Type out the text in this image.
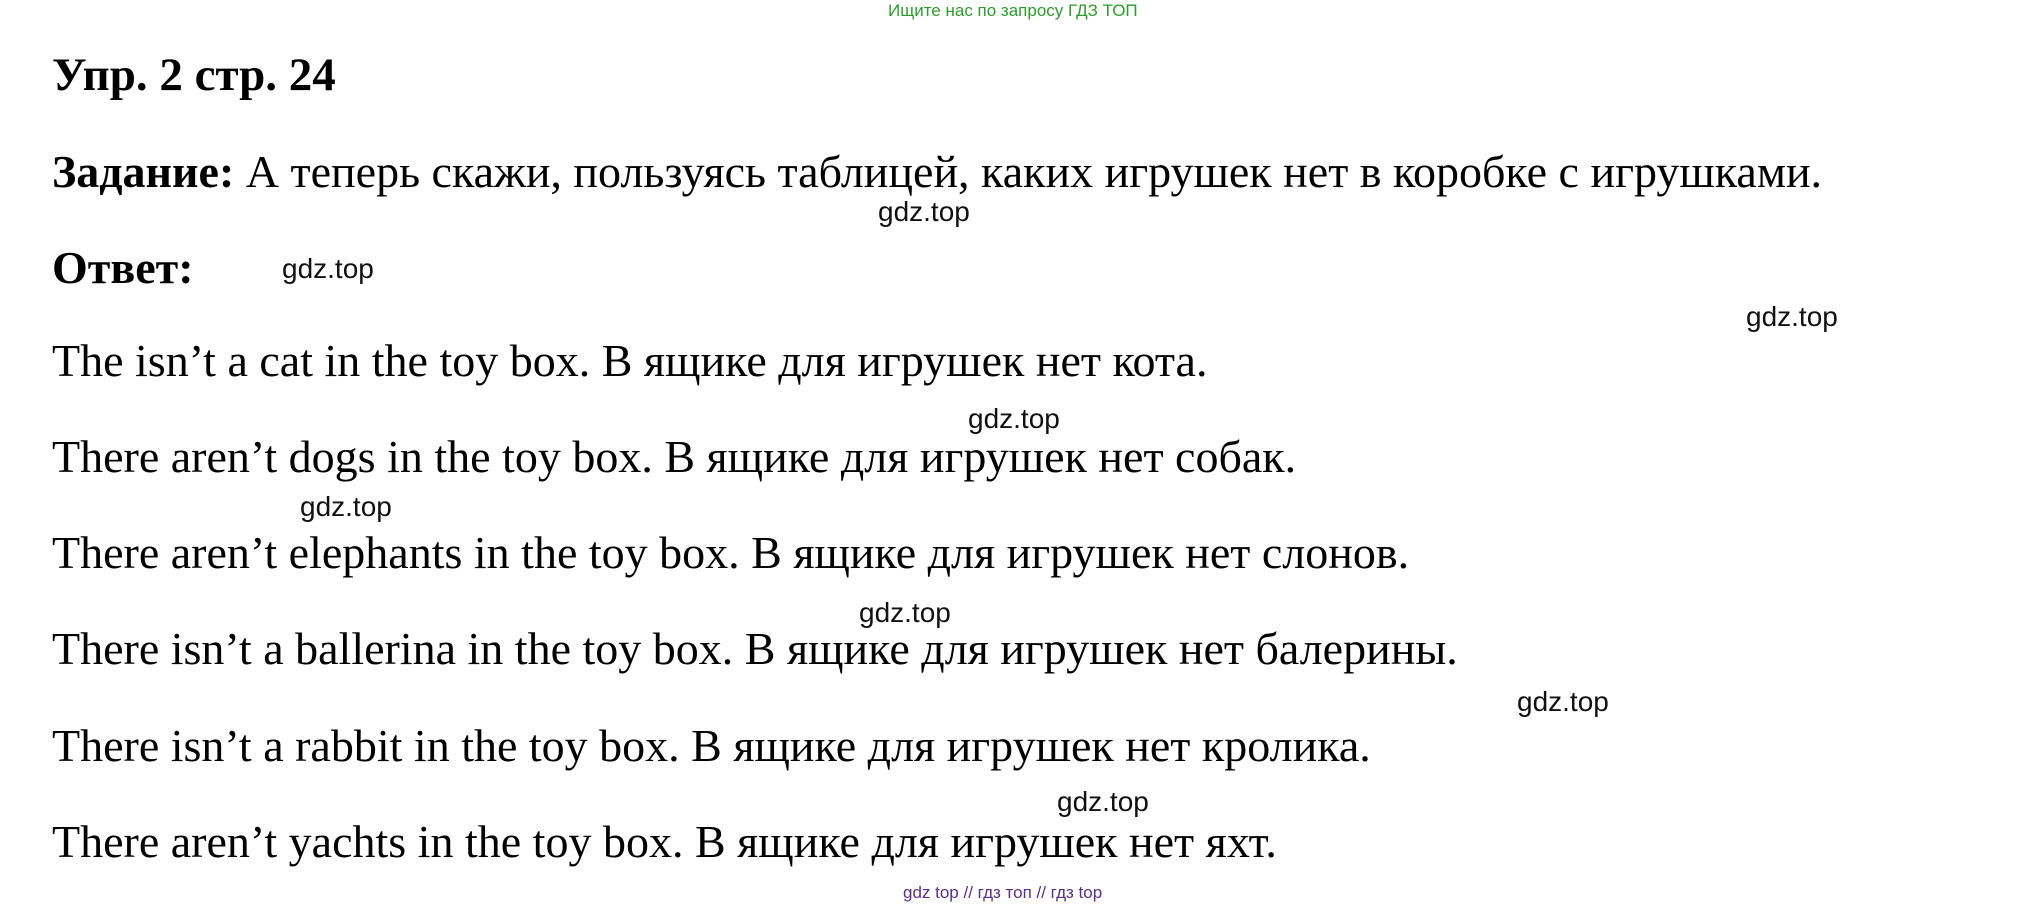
Ищите нас по запросу ГДЗ ТОП
Упр. 2 стр. 24
Задание: А теперь скажи, пользуясь таблицей, каких игрушек нет в коробке с игрушками.
Ответ:
The isn’t a cat in the toy box. В ящике для игрушек нет кота.
There aren’t dogs in the toy box. В ящике для игрушек нет собак.
There aren’t elephants in the toy box. В ящике для игрушек нет слонов.
There isn’t a ballerina in the toy box. В ящике для игрушек нет балерины.
There isn’t a rabbit in the toy box. В ящике для игрушек нет кролика.
There aren’t yachts in the toy box. В ящике для игрушек нет яхт.
gdz.top
gdz.top
gdz.top
gdz.top
gdz.top
gdz.top
gdz.top
gdz.top
gdz top // гдз топ // гдз top
